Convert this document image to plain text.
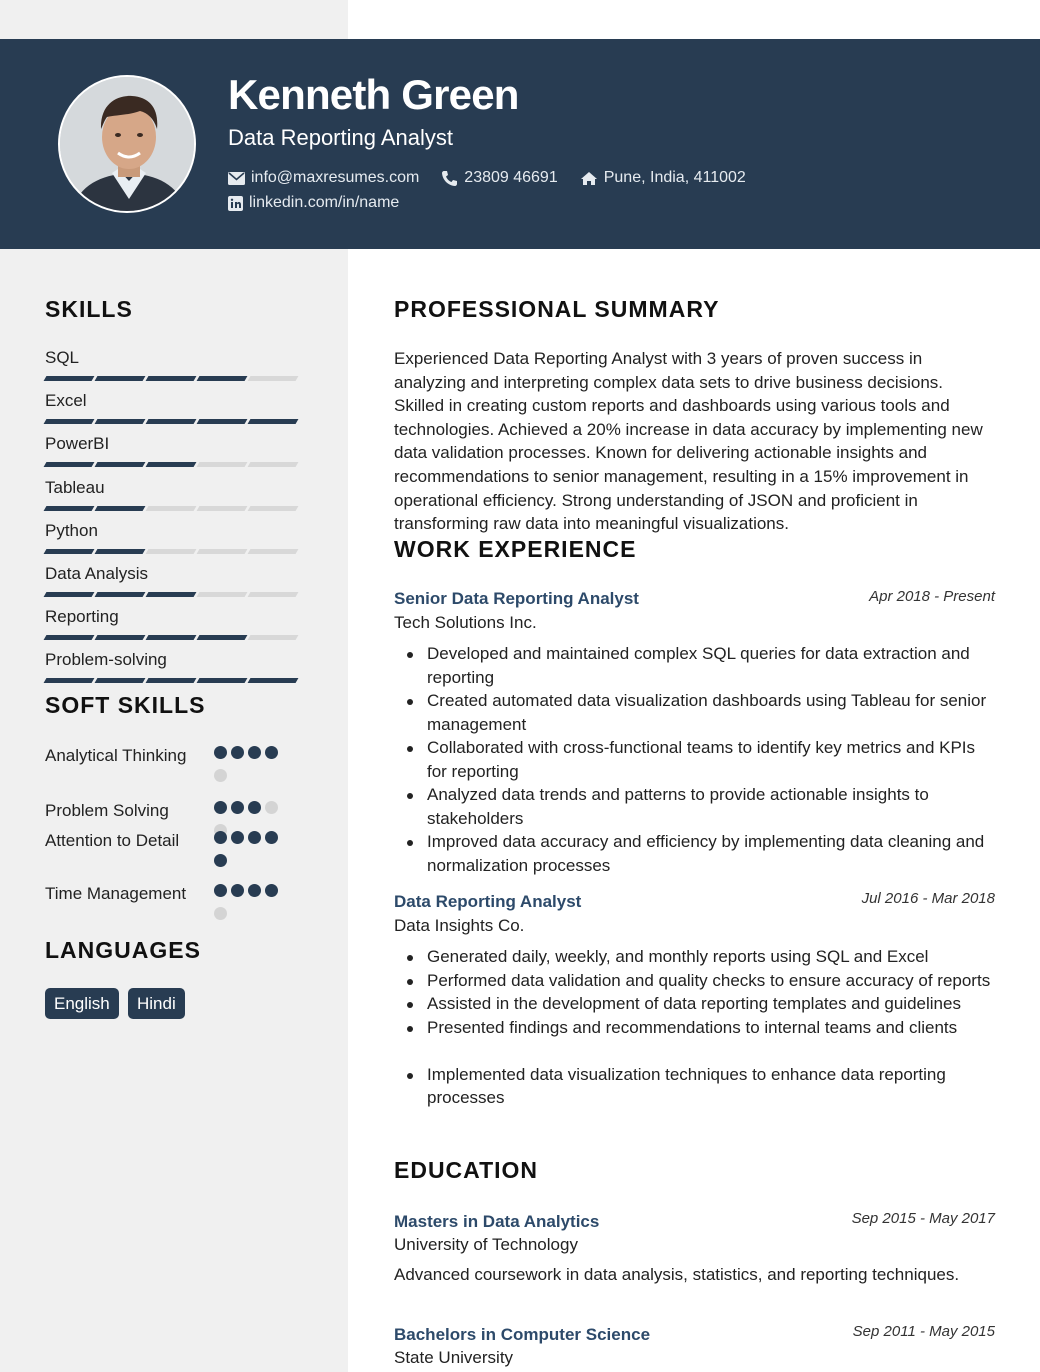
Kenneth Green
Data Reporting Analyst
info@maxresumes.com	23809 46691	Pune, India, 411002
linkedin.com/in/name
SKILLS
SQL
Excel
PowerBI
Tableau
Python
Data Analysis
Reporting
Problem-solving
SOFT SKILLS
Analytical Thinking
Problem Solving
Attention to Detail
Time Management
LANGUAGES
English	Hindi
PROFESSIONAL SUMMARY
Experienced Data Reporting Analyst with 3 years of proven success in analyzing and interpreting complex data sets to drive business decisions. Skilled in creating custom reports and dashboards using various tools and technologies. Achieved a 20% increase in data accuracy by implementing new data validation processes. Known for delivering actionable insights and recommendations to senior management, resulting in a 15% improvement in operational efficiency. Strong understanding of JSON and proficient in transforming raw data into meaningful visualizations.
WORK EXPERIENCE
Senior Data Reporting Analyst	Apr 2018 - Present
Tech Solutions Inc.
Developed and maintained complex SQL queries for data extraction and reporting
Created automated data visualization dashboards using Tableau for senior management
Collaborated with cross-functional teams to identify key metrics and KPIs for reporting
Analyzed data trends and patterns to provide actionable insights to stakeholders
Improved data accuracy and efficiency by implementing data cleaning and normalization processes
Data Reporting Analyst	Jul 2016 - Mar 2018
Data Insights Co.
Generated daily, weekly, and monthly reports using SQL and Excel
Performed data validation and quality checks to ensure accuracy of reports
Assisted in the development of data reporting templates and guidelines
Presented findings and recommendations to internal teams and clients
Implemented data visualization techniques to enhance data reporting processes
EDUCATION
Masters in Data Analytics	Sep 2015 - May 2017
University of Technology
Advanced coursework in data analysis, statistics, and reporting techniques.
Bachelors in Computer Science	Sep 2011 - May 2015
State University
